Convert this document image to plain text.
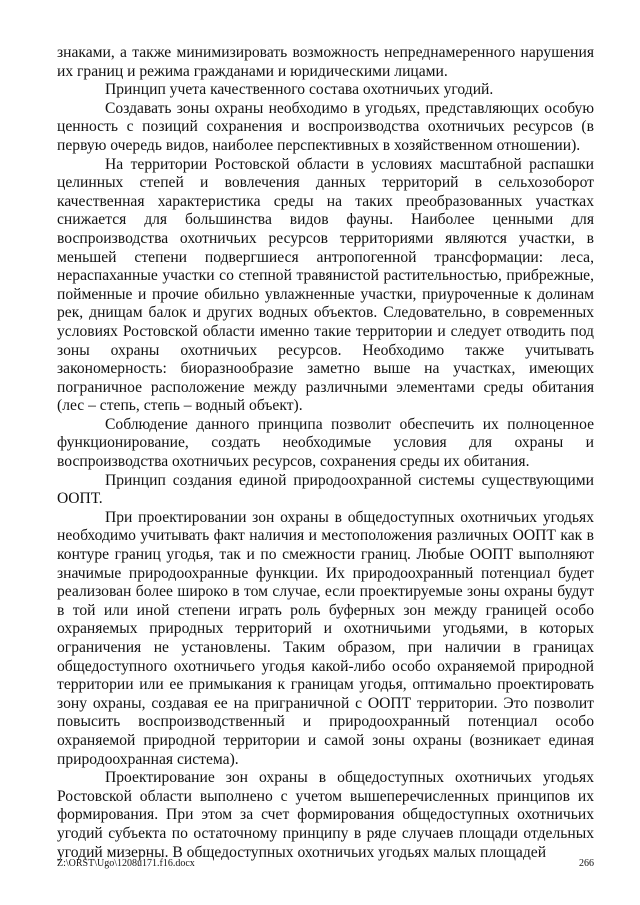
знаками, а также минимизировать возможность непреднамеренного нарушения их границ и режима гражданами и юридическими лицами.

Принцип учета качественного состава охотничьих угодий.

Создавать зоны охраны необходимо в угодьях, представляющих особую ценность с позиций сохранения и воспроизводства охотничьих ресурсов (в первую очередь видов, наиболее перспективных в хозяйственном отношении).

На территории Ростовской области в условиях масштабной распашки целинных степей и вовлечения данных территорий в сельхозоборот качественная характеристика среды на таких преобразованных участках снижается для большинства видов фауны. Наиболее ценными для воспроизводства охотничьих ресурсов территориями являются участки, в меньшей степени подвергшиеся антропогенной трансформации: леса, нераспаханные участки со степной травянистой растительностью, прибрежные, пойменные и прочие обильно увлажненные участки, приуроченные к долинам рек, днищам балок и других водных объектов. Следовательно, в современных условиях Ростовской области именно такие территории и следует отводить под зоны охраны охотничьих ресурсов. Необходимо также учитывать закономерность: биоразнообразие заметно выше на участках, имеющих пограничное расположение между различными элементами среды обитания (лес – степь, степь – водный объект).

Соблюдение данного принципа позволит обеспечить их полноценное функционирование, создать необходимые условия для охраны и воспроизводства охотничьих ресурсов, сохранения среды их обитания.

Принцип создания единой природоохранной системы существующими ООПТ.

При проектировании зон охраны в общедоступных охотничьих угодьях необходимо учитывать факт наличия и местоположения различных ООПТ как в контуре границ угодья, так и по смежности границ. Любые ООПТ выполняют значимые природоохранные функции. Их природоохранный потенциал будет реализован более широко в том случае, если проектируемые зоны охраны будут в той или иной степени играть роль буферных зон между границей особо охраняемых природных территорий и охотничьими угодьями, в которых ограничения не установлены. Таким образом, при наличии в границах общедоступного охотничьего угодья какой-либо особо охраняемой природной территории или ее примыкания к границам угодья, оптимально проектировать зону охраны, создавая ее на приграничной с ООПТ территории. Это позволит повысить воспроизводственный и природоохранный потенциал особо охраняемой природной территории и самой зоны охраны (возникает единая природоохранная система).

Проектирование зон охраны в общедоступных охотничьих угодьях Ростовской области выполнено с учетом вышеперечисленных принципов их формирования. При этом за счет формирования общедоступных охотничьих угодий субъекта по остаточному принципу в ряде случаев площади отдельных угодий мизерны. В общедоступных охотничьих угодьях малых площадей

Z:\ORST\Ugo\1208u171.f16.docx	266
